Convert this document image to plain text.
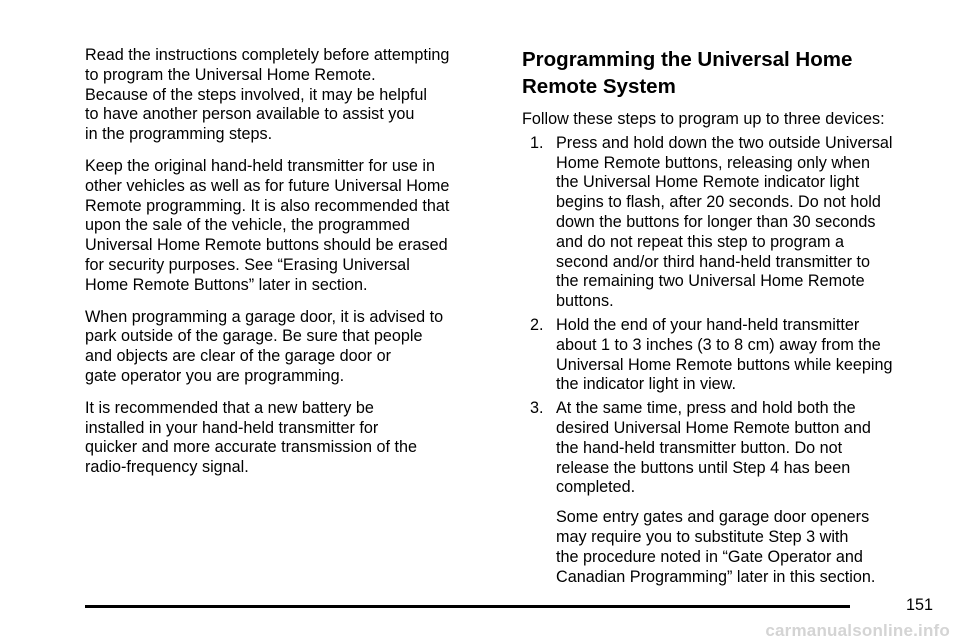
Read the instructions completely before attempting
to program the Universal Home Remote.
Because of the steps involved, it may be helpful
to have another person available to assist you
in the programming steps.

Keep the original hand-held transmitter for use in
other vehicles as well as for future Universal Home
Remote programming. It is also recommended that
upon the sale of the vehicle, the programmed
Universal Home Remote buttons should be erased
for security purposes. See “Erasing Universal
Home Remote Buttons” later in section.

When programming a garage door, it is advised to
park outside of the garage. Be sure that people
and objects are clear of the garage door or
gate operator you are programming.

It is recommended that a new battery be
installed in your hand-held transmitter for
quicker and more accurate transmission of the
radio-frequency signal.

Programming the Universal Home
Remote System

Follow these steps to program up to three devices:

1. Press and hold down the two outside Universal
Home Remote buttons, releasing only when
the Universal Home Remote indicator light
begins to flash, after 20 seconds. Do not hold
down the buttons for longer than 30 seconds
and do not repeat this step to program a
second and/or third hand-held transmitter to
the remaining two Universal Home Remote
buttons.
2. Hold the end of your hand-held transmitter
about 1 to 3 inches (3 to 8 cm) away from the
Universal Home Remote buttons while keeping
the indicator light in view.
3. At the same time, press and hold both the
desired Universal Home Remote button and
the hand-held transmitter button. Do not
release the buttons until Step 4 has been
completed.

Some entry gates and garage door openers
may require you to substitute Step 3 with
the procedure noted in “Gate Operator and
Canadian Programming” later in this section.

151
carmanualsonline.info
